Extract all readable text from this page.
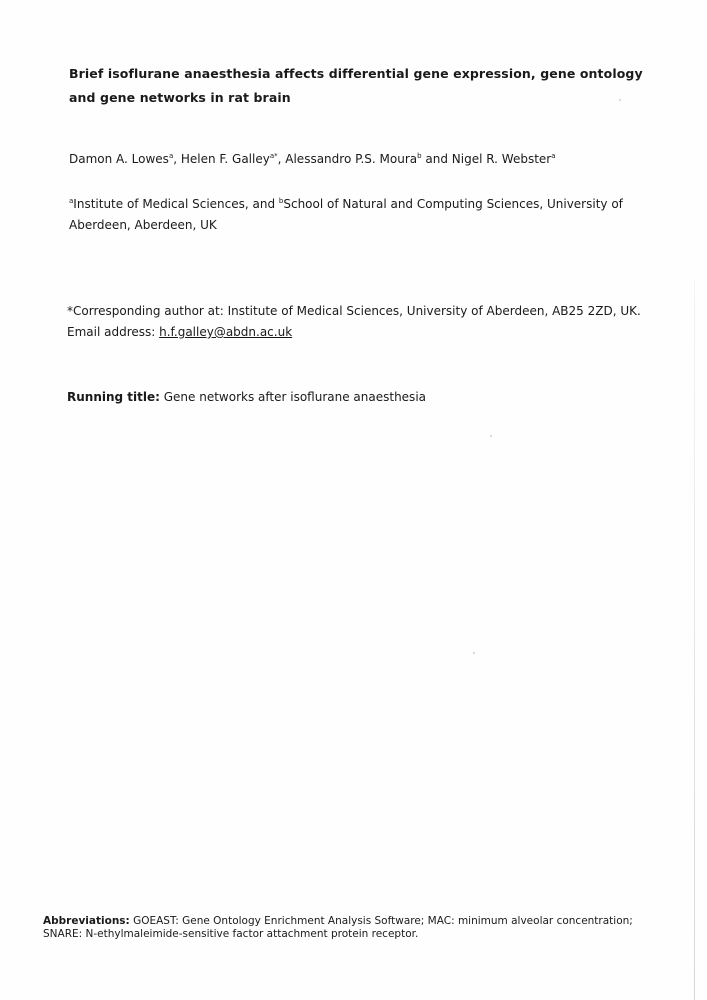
Brief isoflurane anaesthesia affects differential gene expression, gene ontology and gene networks in rat brain
Damon A. Lowes$^a$, Helen F. Galley$^{a*}$, Alessandro P.S. Moura$^b$ and Nigel R. Webster$^a$
$^a$Institute of Medical Sciences, and $^b$School of Natural and Computing Sciences, University of Aberdeen, Aberdeen, UK
*Corresponding author at: Institute of Medical Sciences, University of Aberdeen, AB25 2ZD, UK. Email address: h.f.galley@abdn.ac.uk
Running title: Gene networks after isoflurane anaesthesia
Abbreviations: GOEAST: Gene Ontology Enrichment Analysis Software; MAC: minimum alveolar concentration; SNARE: N-ethylmaleimide-sensitive factor attachment protein receptor.
